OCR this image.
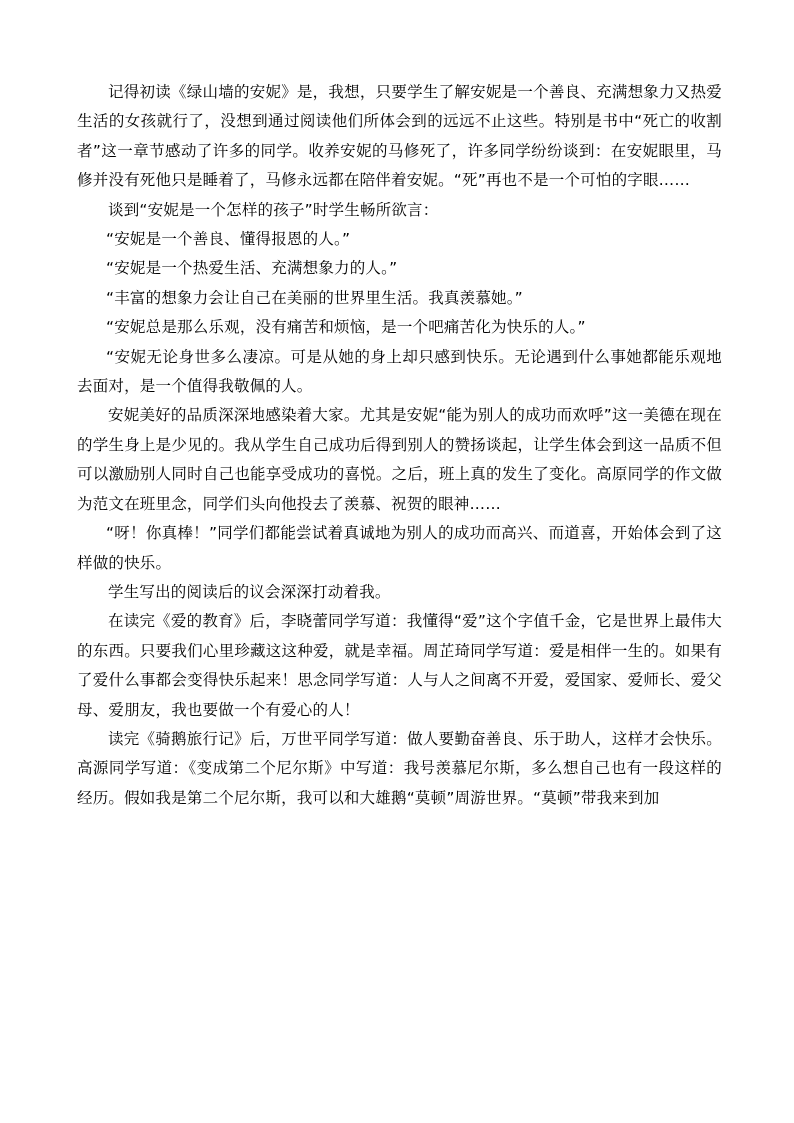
记得初读《绿山墙的安妮》是，我想，只要学生了解安妮是一个善良、充满想象力又热爱生活的女孩就行了，没想到通过阅读他们所体会到的远远不止这些。特别是书中“死亡的收割者”这一章节感动了许多的同学。收养安妮的马修死了，许多同学纷纷谈到：在安妮眼里，马修并没有死他只是睡着了，马修永远都在陪伴着安妮。“死”再也不是一个可怕的字眼……

谈到“安妮是一个怎样的孩子”时学生畅所欲言：

“安妮是一个善良、懂得报恩的人。”

“安妮是一个热爱生活、充满想象力的人。”

“丰富的想象力会让自己在美丽的世界里生活。我真羡慕她。”

“安妮总是那么乐观，没有痛苦和烦恼，是一个吧痛苦化为快乐的人。”

“安妮无论身世多么凄凉。可是从她的身上却只感到快乐。无论遇到什么事她都能乐观地去面对，是一个值得我敬佩的人。

安妮美好的品质深深地感染着大家。尤其是安妮“能为别人的成功而欢呼”这一美德在现在的学生身上是少见的。我从学生自己成功后得到别人的赞扬谈起，让学生体会到这一品质不但可以激励别人同时自己也能享受成功的喜悦。之后，班上真的发生了变化。高原同学的作文做为范文在班里念，同学们头向他投去了羡慕、祝贺的眼神……

“呀！你真棒！”同学们都能尝试着真诚地为别人的成功而高兴、而道喜，开始体会到了这样做的快乐。

学生写出的阅读后的议会深深打动着我。

在读完《爱的教育》后，李晓蕾同学写道：我懂得“爱”这个字值千金，它是世界上最伟大的东西。只要我们心里珍藏这这种爱，就是幸福。周芷琦同学写道：爱是相伴一生的。如果有了爱什么事都会变得快乐起来！思念同学写道：人与人之间离不开爱，爱国家、爱师长、爱父母、爱朋友，我也要做一个有爱心的人！

读完《骑鹅旅行记》后，万世平同学写道：做人要勤奋善良、乐于助人，这样才会快乐。高源同学写道：《变成第二个尼尔斯》中写道：我号羡慕尼尔斯，多么想自己也有一段这样的经历。假如我是第二个尼尔斯，我可以和大雄鹅“莫顿”周游世界。“莫顿”带我来到加
